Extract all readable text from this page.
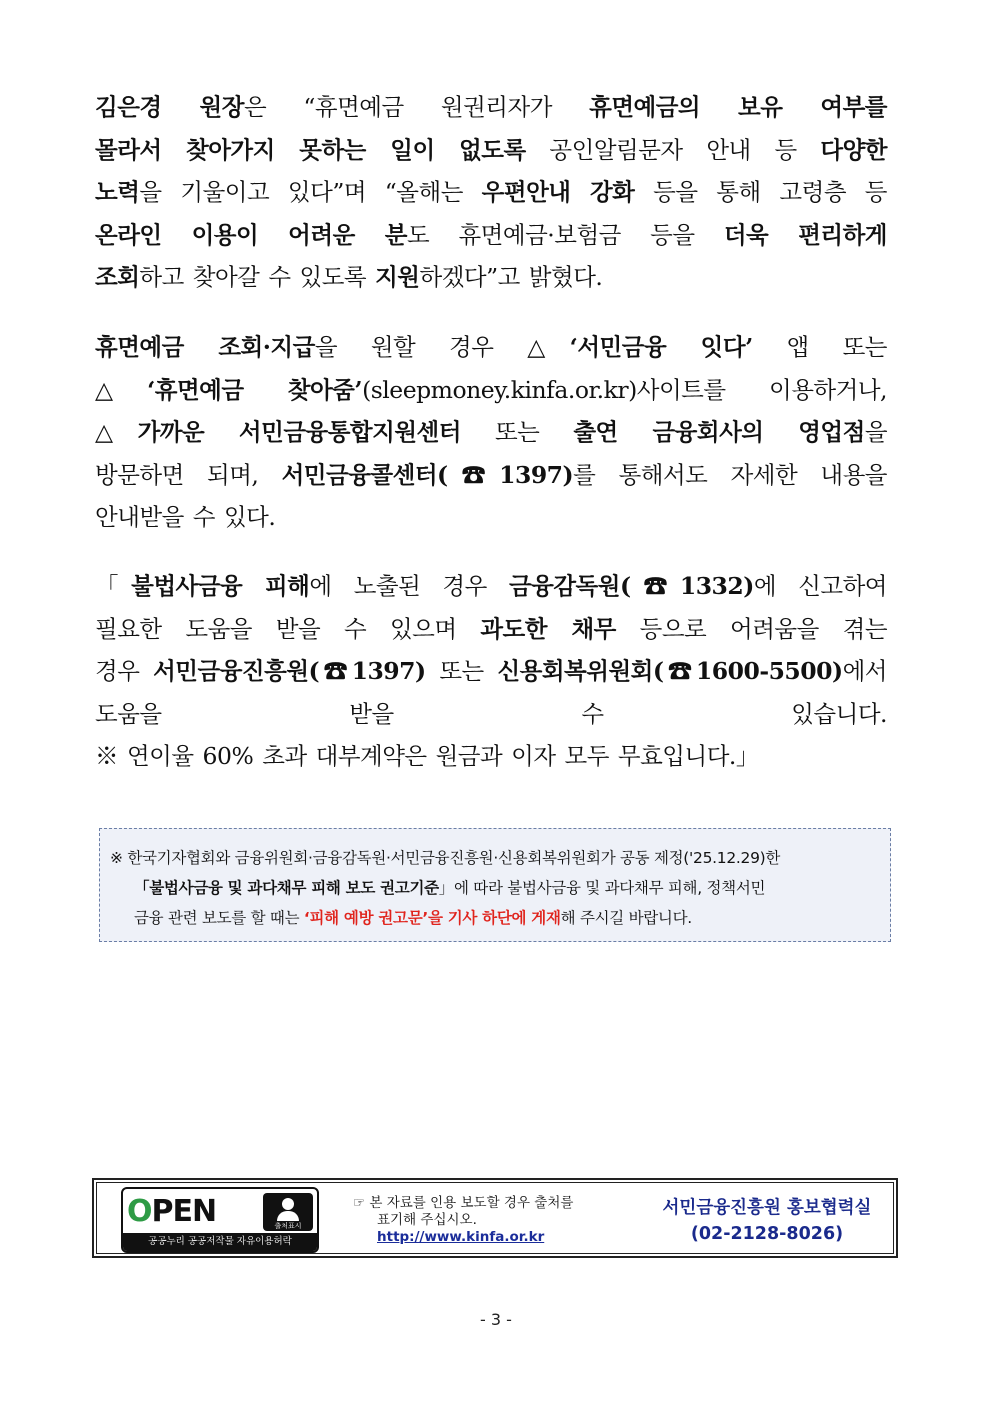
김은경 원장은 “휴면예금 원권리자가 휴면예금의 보유 여부를
몰라서 찾아가지 못하는 일이 없도록 공인알림문자 안내 등 다양한
노력을 기울이고 있다”며 “올해는 우편안내 강화 등을 통해 고령층 등
온라인 이용이 어려운 분도 휴면예금·보험금 등을 더욱 편리하게
조회하고 찾아갈 수 있도록 지원하겠다”고 밝혔다.
휴면예금 조회·지급을 원할 경우 △‘서민금융 잇다’ 앱 또는
△‘휴면예금 찾아줌’(sleepmoney.kinfa.or.kr)사이트를 이용하거나,
△가까운 서민금융통합지원센터 또는 출연 금융회사의 영업점을
방문하면 되며, 서민금융콜센터(☎1397)를 통해서도 자세한 내용을
안내받을 수 있다.
「불법사금융 피해에 노출된 경우 금융감독원(☎1332)에 신고하여
필요한 도움을 받을 수 있으며 과도한 채무 등으로 어려움을 겪는
경우 서민금융진흥원(☎1397) 또는 신용회복위원회(☎1600-5500)에서
도움을 받을 수 있습니다.
※ 연이율 60% 초과 대부계약은 원금과 이자 모두 무효입니다.」
※ 한국기자협회와 금융위원회·금융감독원·서민금융진흥원·신용회복위원회가 공동 제정('25.12.29)한
「불법사금융 및 과다채무 피해 보도 권고기준」에 따라 불법사금융 및 과다채무 피해, 정책서민
금융 관련 보도를 할 때는 ‘피해 예방 권고문’을 기사 하단에 게재해 주시길 바랍니다.
OPEN	출처표시
공공누리 공공저작물 자유이용허락
☞ 본 자료를 인용 보도할 경우 출처를
표기해 주십시오.
http://www.kinfa.or.kr
서민금융진흥원 홍보협력실
(02-2128-8026)
- 3 -
